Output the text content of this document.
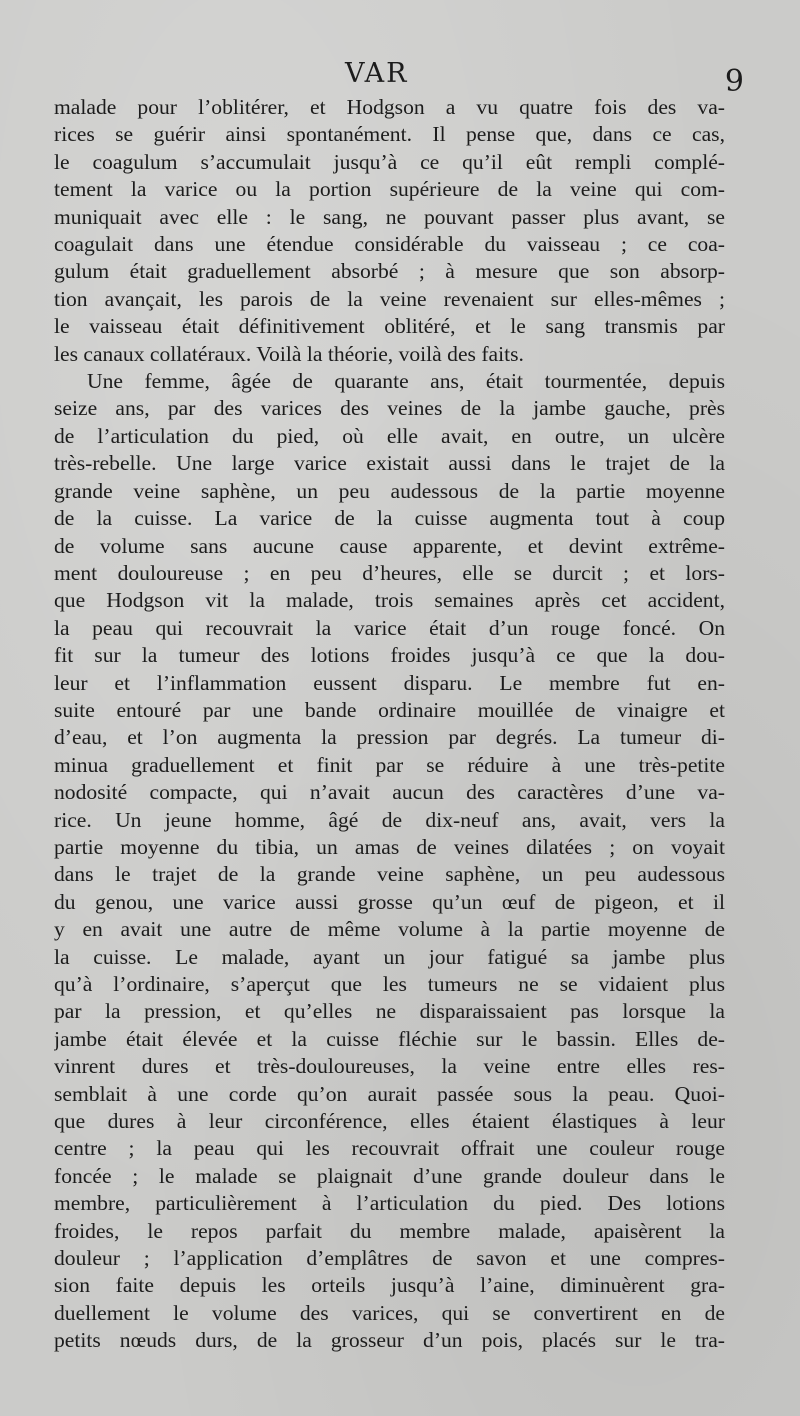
VAR	9
malade pour l’oblitérer, et Hodgson a vu quatre fois des va-
rices se guérir ainsi spontanément. Il pense que, dans ce cas,
le coagulum s’accumulait jusqu’à ce qu’il eût rempli complé-
tement la varice ou la portion supérieure de la veine qui com-
muniquait avec elle : le sang, ne pouvant passer plus avant, se
coagulait dans une étendue considérable du vaisseau ; ce coa-
gulum était graduellement absorbé ; à mesure que son absorp-
tion avançait, les parois de la veine revenaient sur elles-mêmes ;
le vaisseau était définitivement oblitéré, et le sang transmis par
les canaux collatéraux. Voilà la théorie, voilà des faits.
Une femme, âgée de quarante ans, était tourmentée, depuis
seize ans, par des varices des veines de la jambe gauche, près
de l’articulation du pied, où elle avait, en outre, un ulcère
très-rebelle. Une large varice existait aussi dans le trajet de la
grande veine saphène, un peu audessous de la partie moyenne
de la cuisse. La varice de la cuisse augmenta tout à coup
de volume sans aucune cause apparente, et devint extrême-
ment douloureuse ; en peu d’heures, elle se durcit ; et lors-
que Hodgson vit la malade, trois semaines après cet accident,
la peau qui recouvrait la varice était d’un rouge foncé. On
fit sur la tumeur des lotions froides jusqu’à ce que la dou-
leur et l’inflammation eussent disparu. Le membre fut en-
suite entouré par une bande ordinaire mouillée de vinaigre et
d’eau, et l’on augmenta la pression par degrés. La tumeur di-
minua graduellement et finit par se réduire à une très-petite
nodosité compacte, qui n’avait aucun des caractères d’une va-
rice. Un jeune homme, âgé de dix-neuf ans, avait, vers la
partie moyenne du tibia, un amas de veines dilatées ; on voyait
dans le trajet de la grande veine saphène, un peu audessous
du genou, une varice aussi grosse qu’un œuf de pigeon, et il
y en avait une autre de même volume à la partie moyenne de
la cuisse. Le malade, ayant un jour fatigué sa jambe plus
qu’à l’ordinaire, s’aperçut que les tumeurs ne se vidaient plus
par la pression, et qu’elles ne disparaissaient pas lorsque la
jambe était élevée et la cuisse fléchie sur le bassin. Elles de-
vinrent dures et très-douloureuses, la veine entre elles res-
semblait à une corde qu’on aurait passée sous la peau. Quoi-
que dures à leur circonférence, elles étaient élastiques à leur
centre ; la peau qui les recouvrait offrait une couleur rouge
foncée ; le malade se plaignait d’une grande douleur dans le
membre, particulièrement à l’articulation du pied. Des lotions
froides, le repos parfait du membre malade, apaisèrent la
douleur ; l’application d’emplâtres de savon et une compres-
sion faite depuis les orteils jusqu’à l’aine, diminuèrent gra-
duellement le volume des varices, qui se convertirent en de
petits nœuds durs, de la grosseur d’un pois, placés sur le tra-
